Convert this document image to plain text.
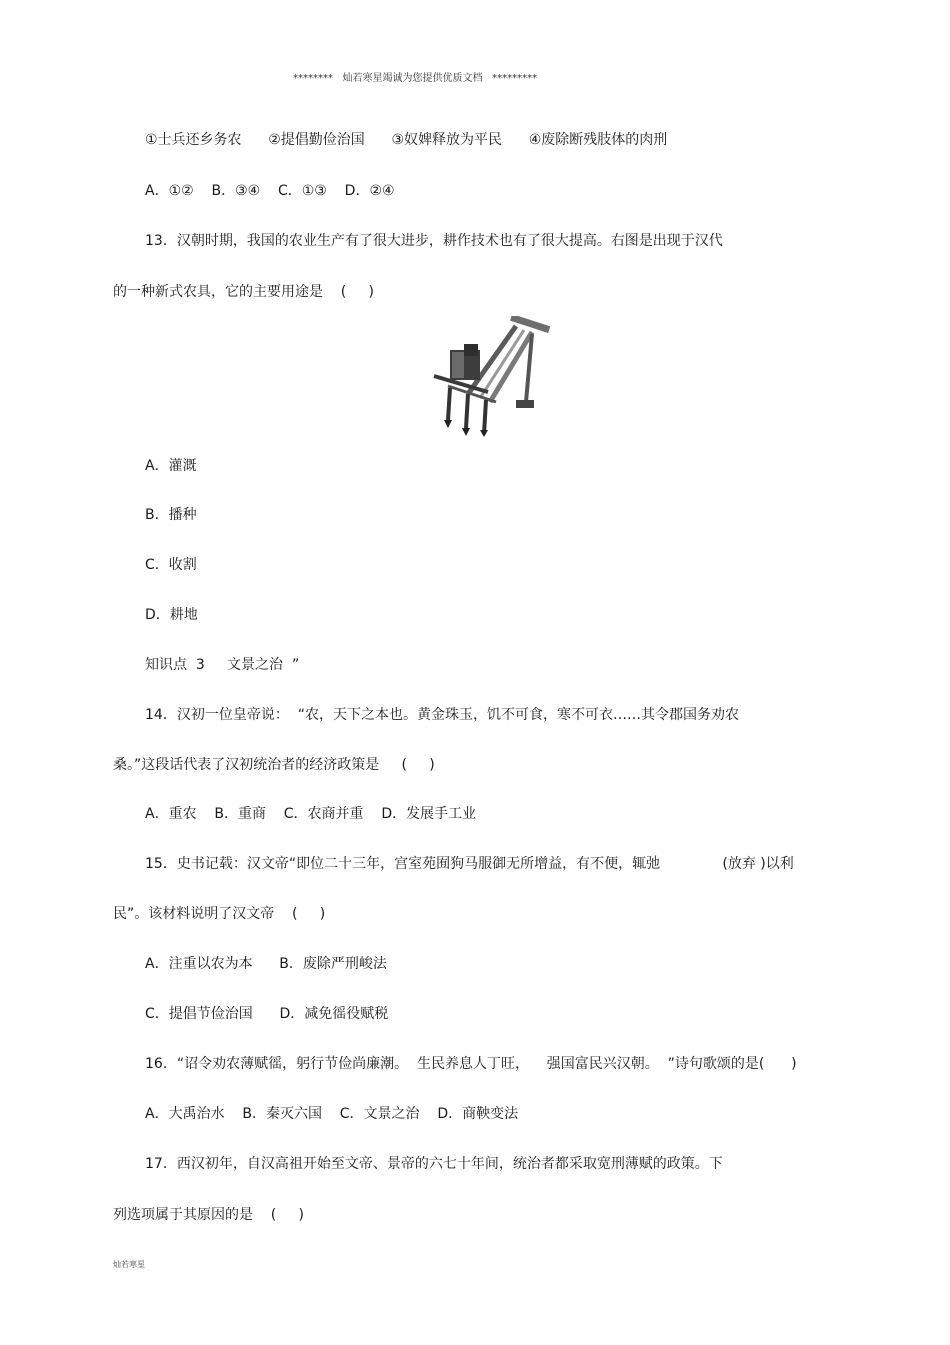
********   灿若寒星竭诚为您提供优质文档   *********
①士兵还乡务农      ②提倡勤俭治国      ③奴婢释放为平民      ④废除断残肢体的肉刑
A．①②    B．③④    C．①③    D．②④
13．汉朝时期，我国的农业生产有了很大进步，耕作技术也有了很大提高。右图是出现于汉代
的一种新式农具，它的主要用途是    (     )
A．灌溉
B．播种
C．收割
D．耕地
知识点  3     文景之治  ”
14．汉初一位皇帝说：  “农，天下之本也。黄金珠玉，饥不可食，寒不可衣……其令郡国务劝农
桑。”这段话代表了汉初统治者的经济政策是     (     )
A．重农    B．重商    C．农商并重    D．发展手工业
15．史书记载：汉文帝“即位二十三年，宫室苑囿狗马服御无所增益，有不便，辄弛              (放弃 )以利
民”。该材料说明了汉文帝    (     )
A．注重以农为本      B．废除严刑峻法
C．提倡节俭治国      D．减免徭役赋税
16．“诏令劝农薄赋徭，躬行节俭尚廉潮。  生民养息人丁旺，    强国富民兴汉朝。  ”诗句歌颂的是(      )
A．大禹治水    B．秦灭六国    C．文景之治    D．商鞅变法
17．西汉初年，自汉高祖开始至文帝、景帝的六七十年间，统治者都采取宽刑薄赋的政策。下
列选项属于其原因的是    (     )
灿若寒星
